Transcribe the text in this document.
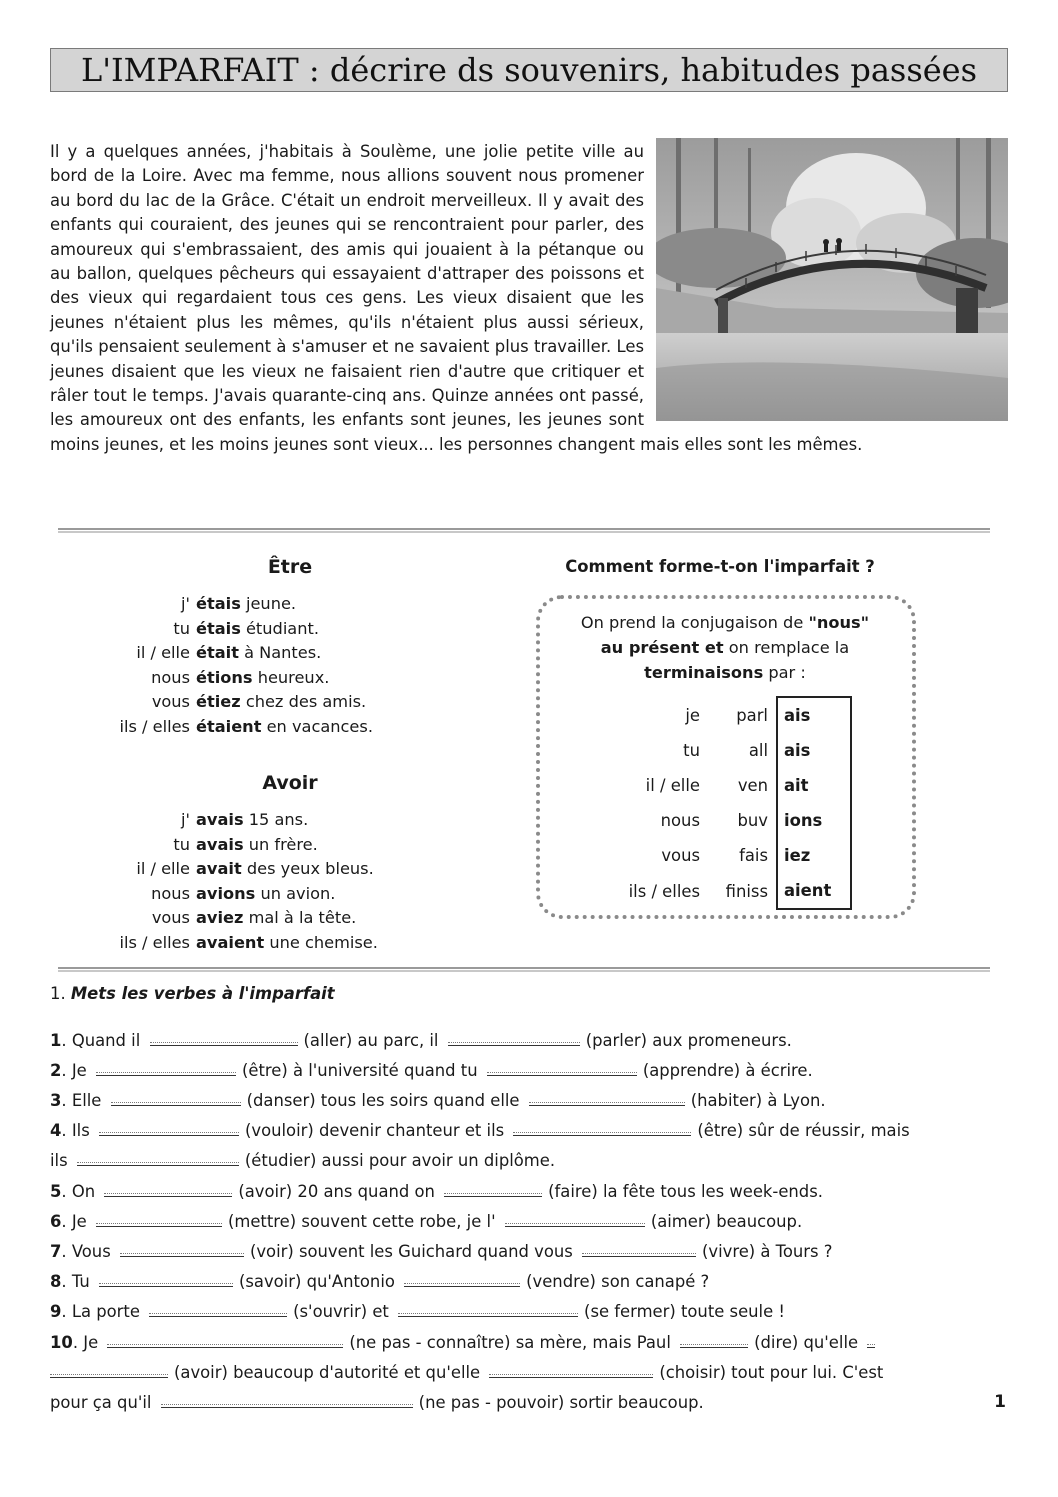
L'IMPARFAIT : décrire ds souvenirs, habitudes passées
Il y a quelques années, j'habitais à Soulème, une jolie petite ville au bord de la Loire. Avec ma femme, nous allions souvent nous promener au bord du lac de la Grâce. C'était un endroit merveilleux. Il y avait des enfants qui couraient, des jeunes qui se rencontraient pour parler, des amoureux qui s'embrassaient, des amis qui jouaient à la pétanque ou au ballon, quelques pêcheurs qui essayaient d'attraper des poissons et des vieux qui regardaient tous ces gens. Les vieux disaient que les jeunes n'étaient plus les mêmes, qu'ils n'étaient plus aussi sérieux, qu'ils pensaient seulement à s'amuser et ne savaient plus travailler. Les jeunes disaient que les vieux ne faisaient rien d'autre que critiquer et râler tout le temps. J'avais quarante-cinq ans. Quinze années ont passé, les amoureux ont des enfants, les enfants sont jeunes, les jeunes sont moins jeunes, et les moins jeunes sont vieux... les personnes changent mais elles sont les mêmes.
Être
j'	étais jeune.
tu	étais étudiant.
il / elle	était à Nantes.
nous	étions heureux.
vous	étiez chez des amis.
ils / elles	étaient en vacances.
Avoir
j'	avais 15 ans.
tu	avais un frère.
il / elle	avait des yeux bleus.
nous	avions un avion.
vous	aviez mal à la tête.
ils / elles	avaient une chemise.
Comment forme-t-on l'imparfait ?

On prend la conjugaison de "nous"
au présent et on remplace la
terminaisons par :

je	parl	ais
tu	all	ais
il / elle	ven	ait
nous	buv	ions
vous	fais	iez
ils / elles	finiss	aient
1. Mets les verbes à l'imparfait
1. Quand il	(aller) au parc, il	(parler) aux promeneurs.
2. Je	(être) à l'université quand tu	(apprendre) à écrire.
3. Elle	(danser) tous les soirs quand elle	(habiter) à Lyon.
4. Ils	(vouloir) devenir chanteur et ils	(être) sûr de réussir, mais
ils	(étudier) aussi pour avoir un diplôme.
5. On	(avoir) 20 ans quand on	(faire) la fête tous les week-ends.
6. Je	(mettre) souvent cette robe, je l'	(aimer) beaucoup.
7. Vous	(voir) souvent les Guichard quand vous	(vivre) à Tours ?
8. Tu	(savoir) qu'Antonio	(vendre) son canapé ?
9. La porte	(s'ouvrir) et	(se fermer) toute seule !
10. Je	(ne pas - connaître) sa mère, mais Paul	(dire) qu'elle
(avoir) beaucoup d'autorité et qu'elle	(choisir) tout pour lui. C'est
pour ça qu'il	(ne pas - pouvoir) sortir beaucoup.	1
